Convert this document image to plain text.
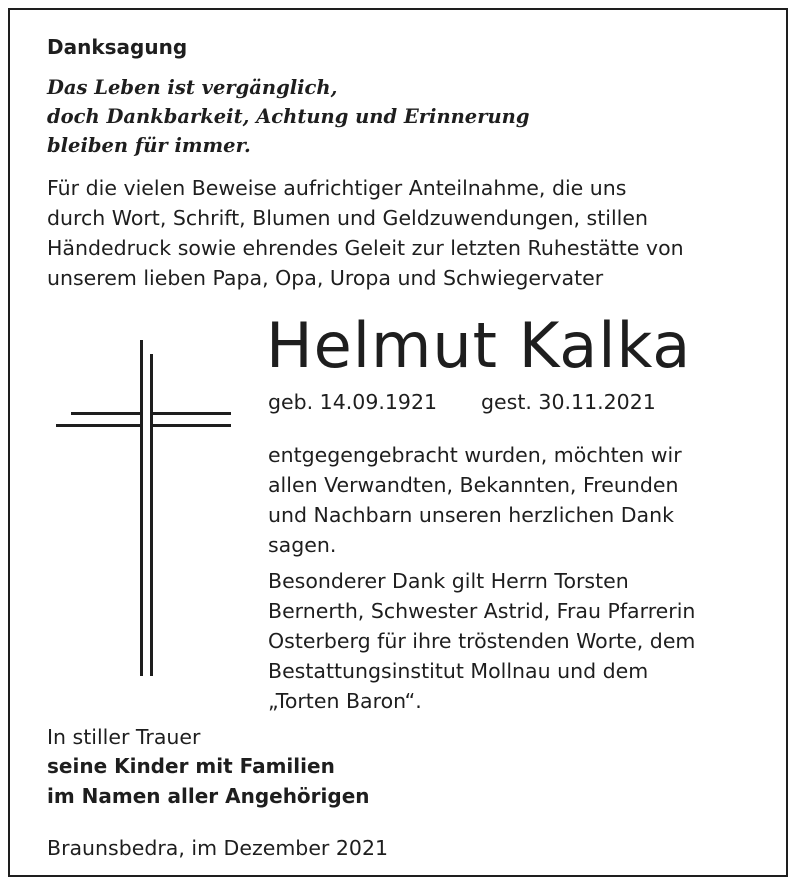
Danksagung
Das Leben ist vergänglich,
doch Dankbarkeit, Achtung und Erinnerung
bleiben für immer.
Für die vielen Beweise aufrichtiger Anteilnahme, die uns
durch Wort, Schrift, Blumen und Geldzuwendungen, stillen
Händedruck sowie ehrendes Geleit zur letzten Ruhestätte von
unserem lieben Papa, Opa, Uropa und Schwiegervater
Helmut Kalka
geb. 14.09.1921 gest. 30.11.2021
entgegengebracht wurden, möchten wir
allen Verwandten, Bekannten, Freunden
und Nachbarn unseren herzlichen Dank
sagen.
Besonderer Dank gilt Herrn Torsten
Bernerth, Schwester Astrid, Frau Pfarrerin
Osterberg für ihre tröstenden Worte, dem
Bestattungsinstitut Mollnau und dem
„Torten Baron“.
In stiller Trauer
seine Kinder mit Familien
im Namen aller Angehörigen
Braunsbedra, im Dezember 2021
